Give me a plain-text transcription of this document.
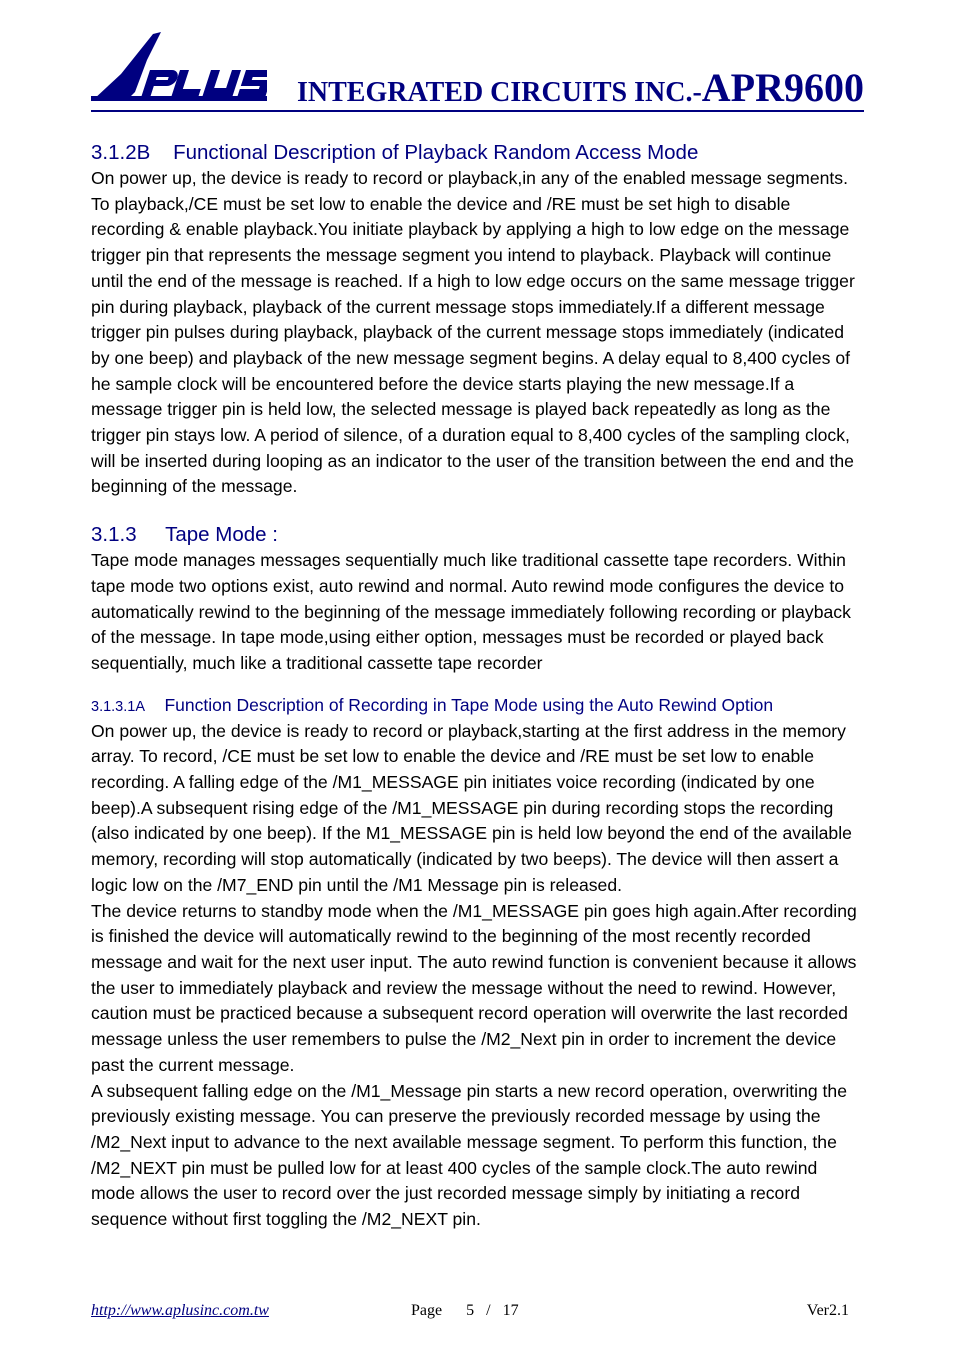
INTEGRATED CIRCUITS INC.-APR9600
3.1.2B Functional Description of Playback Random Access Mode

On power up, the device is ready to record or playback,in any of the enabled message segments. To playback,/CE must be set low to enable the device and /RE must be set high to disable recording & enable playback.You initiate playback by applying a high to low edge on the message trigger pin that represents the message segment you intend to playback. Playback will continue until the end of the message is reached. If a high to low edge occurs on the same message trigger pin during playback, playback of the current message stops immediately.If a different message trigger pin pulses during playback, playback of the current message stops immediately (indicated by one beep) and playback of the new message segment begins. A delay equal to 8,400 cycles of he sample clock will be encountered before the device starts playing the new message.If a message trigger pin is held low, the selected message is played back repeatedly as long as the trigger pin stays low. A period of silence, of a duration equal to 8,400 cycles of the sampling clock, will be inserted during looping as an indicator to the user of the transition between the end and the beginning of the message.

3.1.3 Tape Mode :

Tape mode manages messages sequentially much like traditional cassette tape recorders. Within tape mode two options exist, auto rewind and normal. Auto rewind mode configures the device to automatically rewind to the beginning of the message immediately following recording or playback of the message. In tape mode,using either option, messages must be recorded or played back sequentially, much like a traditional cassette tape recorder

3.1.3.1A Function Description of Recording in Tape Mode using the Auto Rewind Option

On power up, the device is ready to record or playback,starting at the first address in the memory array. To record, /CE must be set low to enable the device and /RE must be set low to enable recording. A falling edge of the /M1_MESSAGE pin initiates voice recording (indicated by one beep).A subsequent rising edge of the /M1_MESSAGE pin during recording stops the recording (also indicated by one beep). If the M1_MESSAGE pin is held low beyond the end of the available memory, recording will stop automatically (indicated by two beeps). The device will then assert a logic low on the /M7_END pin until the /M1 Message pin is released.

The device returns to standby mode when the /M1_MESSAGE pin goes high again.After recording is finished the device will automatically rewind to the beginning of the most recently recorded message and wait for the next user input. The auto rewind function is convenient because it allows the user to immediately playback and review the message without the need to rewind. However, caution must be practiced because a subsequent record operation will overwrite the last recorded message unless the user remembers to pulse the /M2_Next pin in order to increment the device past the current message.

A subsequent falling edge on the /M1_Message pin starts a new record operation, overwriting the previously existing message. You can preserve the previously recorded message by using the /M2_Next input to advance to the next available message segment. To perform this function, the /M2_NEXT pin must be pulled low for at least 400 cycles of the sample clock.The auto rewind mode allows the user to record over the just recorded message simply by initiating a record sequence without first toggling the /M2_NEXT pin.

http://www.aplusinc.com.tw	Page 5 / 17	Ver2.1
